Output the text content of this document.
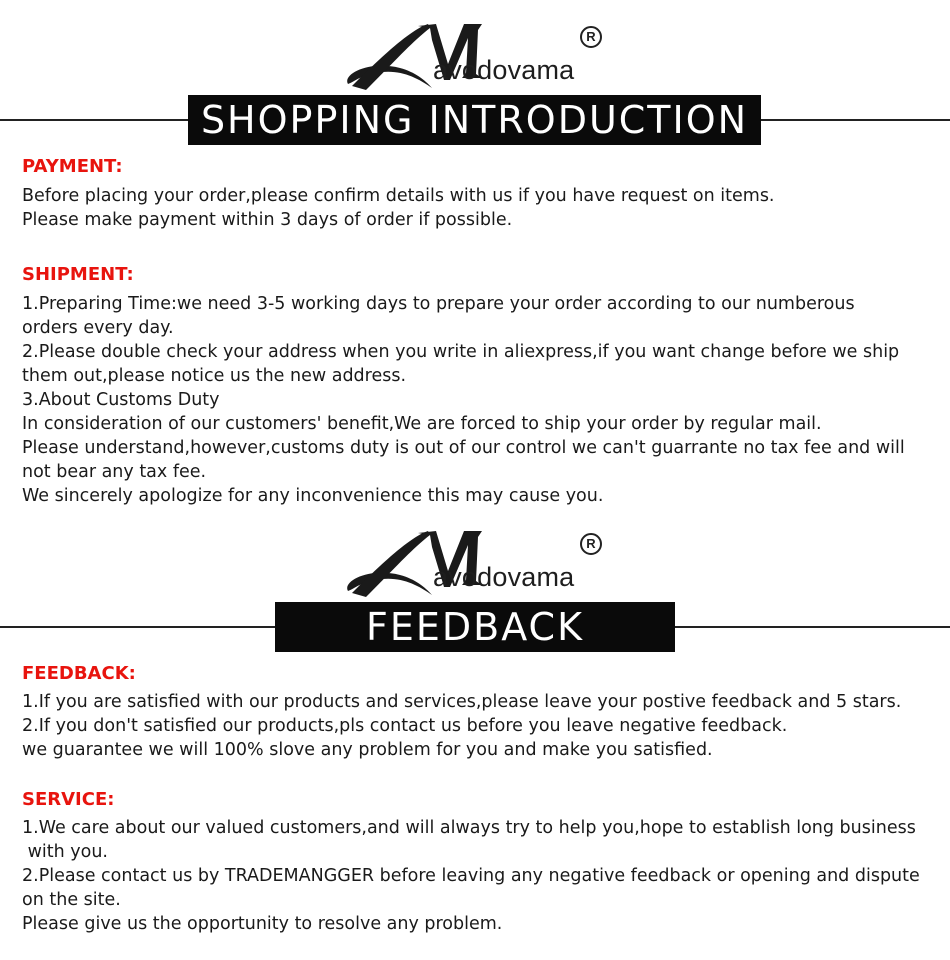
avodovama
R
SHOPPING INTRODUCTION
PAYMENT:
Before placing your order,please confirm details with us if you have request on items.
Please make payment within 3 days of order if possible.
SHIPMENT:
1.Preparing Time:we need 3-5 working days to prepare your order according to our numberous
orders every day.
2.Please double check your address when you write in aliexpress,if you want change before we ship
them out,please notice us the new address.
3.About Customs Duty
In consideration of our customers' benefit,We are forced to ship your order by regular mail.
Please understand,however,customs duty is out of our control we can't guarrante no tax fee and will
not bear any tax fee.
We sincerely apologize for any inconvenience this may cause you.
avodovama
R
FEEDBACK
FEEDBACK:
1.If you are satisfied with our products and services,please leave your postive feedback and 5 stars.
2.If you don't satisfied our products,pls contact us before you leave negative feedback.
we guarantee we will 100% slove any problem for you and make you satisfied.
SERVICE:
1.We care about our valued customers,and will always try to help you,hope to establish long business
with you.
2.Please contact us by TRADEMANGGER before leaving any negative feedback or opening and dispute
on the site.
Please give us the opportunity to resolve any problem.
